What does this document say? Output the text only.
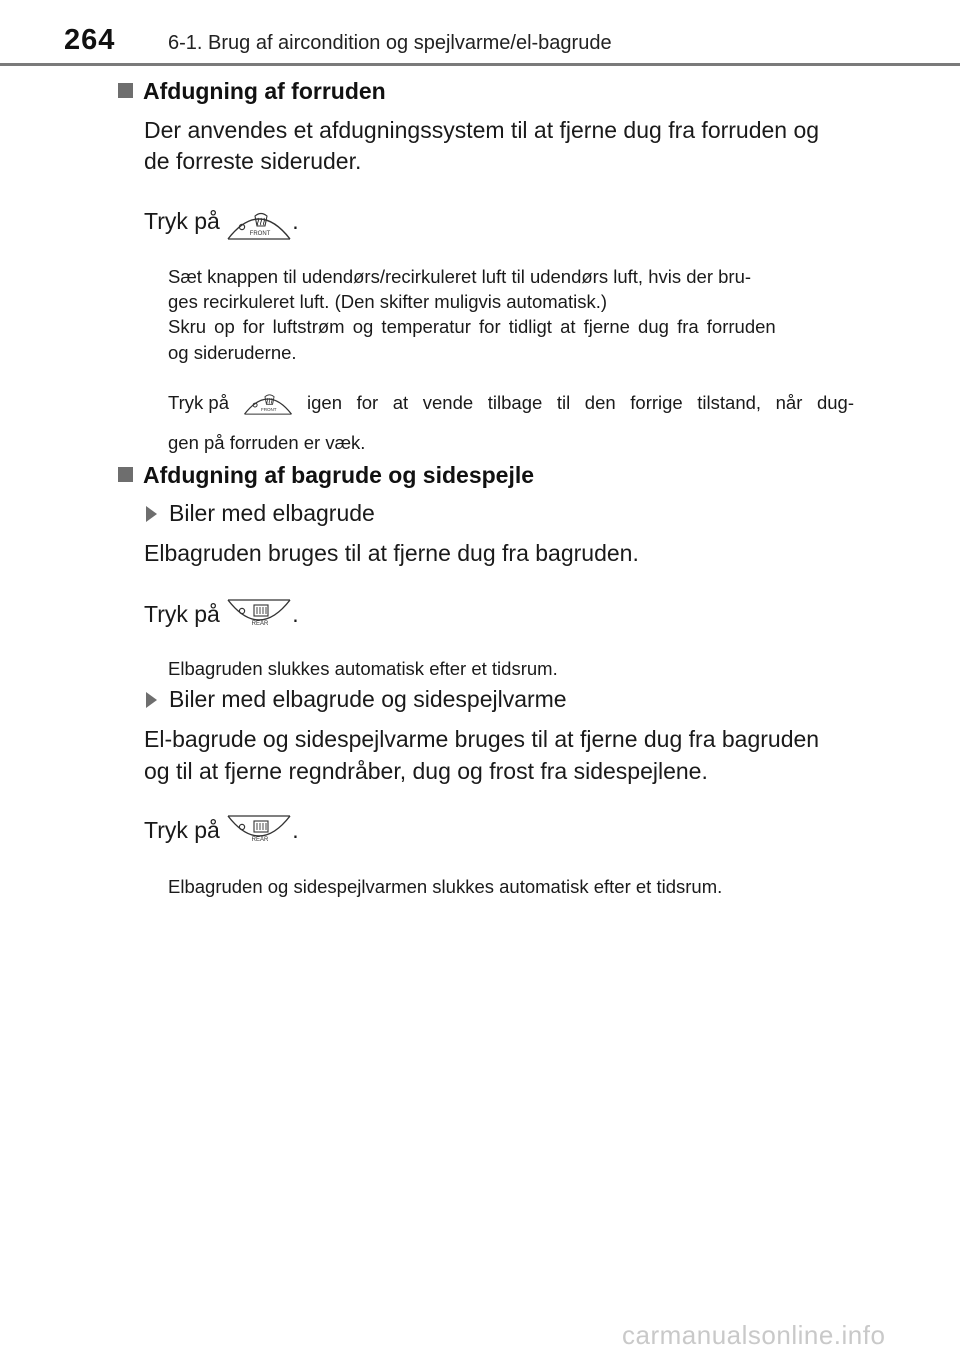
264	6-1. Brug af aircondition og spejlvarme/el-bagrude
Afdugning af forruden
Der anvendes et afdugningssystem til at fjerne dug fra forruden og
de forreste sideruder.
Tryk på	FRONT .
Sæt knappen til udendørs/recirkuleret luft til udendørs luft, hvis der bru-
ges recirkuleret luft. (Den skifter muligvis automatisk.)
Skru op for luftstrøm og temperatur for tidligt at fjerne dug fra forruden
og sideruderne.
Tryk på	FRONT igen for at vende tilbage til den forrige tilstand, når dug-
gen på forruden er væk.
Afdugning af bagrude og sidespejle
Biler med elbagrude
Elbagruden bruges til at fjerne dug fra bagruden.
Tryk på	REAR .
Elbagruden slukkes automatisk efter et tidsrum.
Biler med elbagrude og sidespejlvarme
El-bagrude og sidespejlvarme bruges til at fjerne dug fra bagruden
og til at fjerne regndråber, dug og frost fra sidespejlene.
Tryk på	REAR .
Elbagruden og sidespejlvarmen slukkes automatisk efter et tidsrum.
carmanualsonline.info
